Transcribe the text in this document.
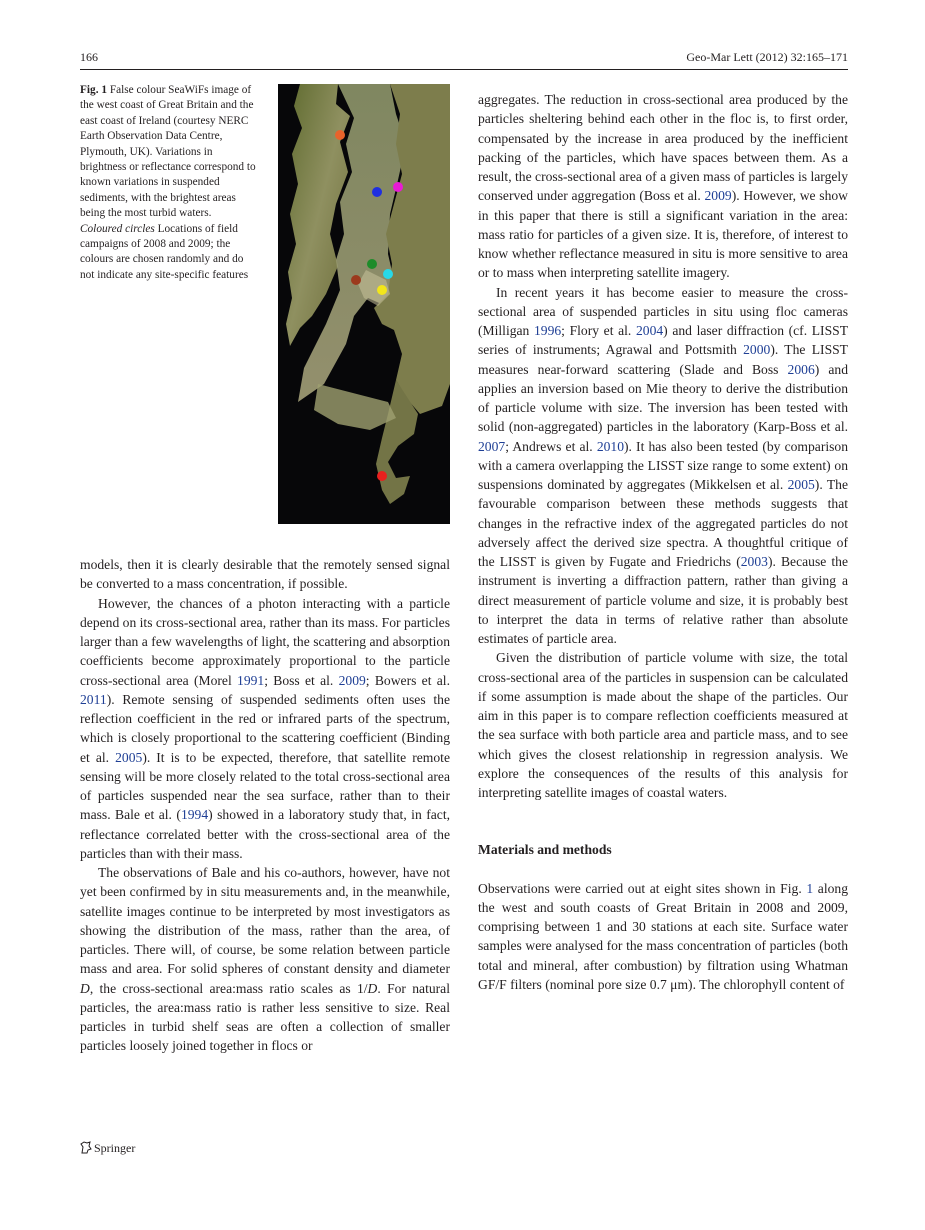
166	Geo-Mar Lett (2012) 32:165–171
Fig. 1 False colour SeaWiFs image of the west coast of Great Britain and the east coast of Ireland (courtesy NERC Earth Observation Data Centre, Plymouth, UK). Variations in brightness or reflectance correspond to known variations in suspended sediments, with the brightest areas being the most turbid waters. Coloured circles Locations of field campaigns of 2008 and 2009; the colours are chosen randomly and do not indicate any site-specific features

models, then it is clearly desirable that the remotely sensed signal be converted to a mass concentration, if possible.

However, the chances of a photon interacting with a particle depend on its cross-sectional area, rather than its mass. For particles larger than a few wavelengths of light, the scattering and absorption coefficients become approximately proportional to the particle cross-sectional area (Morel 1991; Boss et al. 2009; Bowers et al. 2011). Remote sensing of suspended sediments often uses the reflection coefficient in the red or infrared parts of the spectrum, which is closely proportional to the scattering coefficient (Binding et al. 2005). It is to be expected, therefore, that satellite remote sensing will be more closely related to the total cross-sectional area of particles suspended near the sea surface, rather than to their mass. Bale et al. (1994) showed in a laboratory study that, in fact, reflectance correlated better with the cross-sectional area of the particles than with their mass.

The observations of Bale and his co-authors, however, have not yet been confirmed by in situ measurements and, in the meanwhile, satellite images continue to be interpreted by most investigators as showing the distribution of the mass, rather than the area, of particles. There will, of course, be some relation between particle mass and area. For solid spheres of constant density and diameter D, the cross-sectional area:mass ratio scales as 1/D. For natural particles, the area:mass ratio is rather less sensitive to size. Real particles in turbid shelf seas are often a collection of smaller particles loosely joined together in flocs or

aggregates. The reduction in cross-sectional area produced by the particles sheltering behind each other in the floc is, to first order, compensated by the increase in area produced by the inefficient packing of the particles, which have spaces between them. As a result, the cross-sectional area of a given mass of particles is largely conserved under aggregation (Boss et al. 2009). However, we show in this paper that there is still a significant variation in the area: mass ratio for particles of a given size. It is, therefore, of interest to know whether reflectance measured in situ is more sensitive to area or to mass when interpreting satellite imagery.

In recent years it has become easier to measure the cross-sectional area of suspended particles in situ using floc cameras (Milligan 1996; Flory et al. 2004) and laser diffraction (cf. LISST series of instruments; Agrawal and Pottsmith 2000). The LISST measures near-forward scattering (Slade and Boss 2006) and applies an inversion based on Mie theory to derive the distribution of particle volume with size. The inversion has been tested with solid (non-aggregated) particles in the laboratory (Karp-Boss et al. 2007; Andrews et al. 2010). It has also been tested (by comparison with a camera overlapping the LISST size range to some extent) on suspensions dominated by aggregates (Mikkelsen et al. 2005). The favourable comparison between these methods suggests that changes in the refractive index of the aggregated particles do not adversely affect the derived size spectra. A thoughtful critique of the LISST is given by Fugate and Friedrichs (2003). Because the instrument is inverting a diffraction pattern, rather than giving a direct measurement of particle volume and size, it is probably best to interpret the data in terms of relative rather than absolute estimates of particle area.

Given the distribution of particle volume with size, the total cross-sectional area of the particles in suspension can be calculated if some assumption is made about the shape of the particles. Our aim in this paper is to compare reflection coefficients measured at the sea surface with both particle area and particle mass, and to see which gives the closest relationship in regression analysis. We explore the consequences of the results of this analysis for interpreting satellite images of coastal waters.

Materials and methods

Observations were carried out at eight sites shown in Fig. 1 along the west and south coasts of Great Britain in 2008 and 2009, comprising between 1 and 30 stations at each site. Surface water samples were analysed for the mass concentration of particles (both total and mineral, after combustion) by filtration using Whatman GF/F filters (nominal pore size 0.7 μm). The chlorophyll content of

Springer
